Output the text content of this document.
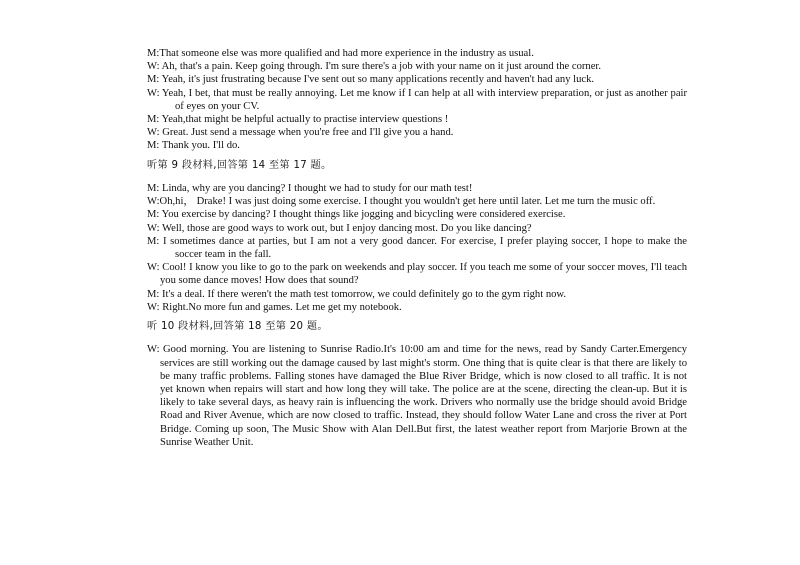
M:That someone else was more qualified and had more experience in the industry as usual.

W: Ah, that's a pain. Keep going through. I'm sure there's a job with your name on it just around the corner.

M: Yeah, it's just frustrating because I've sent out so many applications recently and haven't had any luck.

W: Yeah, I bet, that must be really annoying. Let me know if I can help at all with interview preparation, or just as another pair of eyes on your CV.

M: Yeah,that might be helpful actually to practise interview questions !

W: Great. Just send a message when you're free and I'll give you a hand.

M: Thank you. I'll do.

听第 9 段材料,回答第 14 至第 17 题。

M: Linda, why are you dancing? I thought we had to study for our math test!

W:Oh,hi， Drake! I was just doing some exercise. I thought you wouldn't get here until later. Let me turn the music off.

M: You exercise by dancing? I thought things like jogging and bicycling were considered exercise.

W: Well, those are good ways to work out, but I enjoy dancing most. Do you like dancing?

M: I sometimes dance at parties, but I am not a very good dancer. For exercise, I prefer playing soccer, I hope to make the soccer team in the fall.

W: Cool! I know you like to go to the park on weekends and play soccer. If you teach me some of your soccer moves, I'll teach you some dance moves! How does that sound?

M: It's a deal. If there weren't the math test tomorrow, we could definitely go to the gym right now.

W: Right.No more fun and games. Let me get my notebook.

听 10 段材料,回答第 18 至第 20 题。

W: Good morning. You are listening to Sunrise Radio.It's 10:00 am and time for the news, read by Sandy Carter.Emergency services are still working out the damage caused by last might's storm. One thing that is quite clear is that there are likely to be many traffic problems. Falling stones have damaged the Blue River Bridge, which is now closed to all traffic. It is not yet known when repairs will start and how long they will take. The police are at the scene, directing the clean-up. But it is likely to take several days, as heavy rain is influencing the work. Drivers who normally use the bridge should avoid Bridge Road and River Avenue, which are now closed to traffic. Instead, they should follow Water Lane and cross the river at Port Bridge. Coming up soon, The Music Show with Alan Dell.But first, the latest weather report from Marjorie Brown at the Sunrise Weather Unit.
